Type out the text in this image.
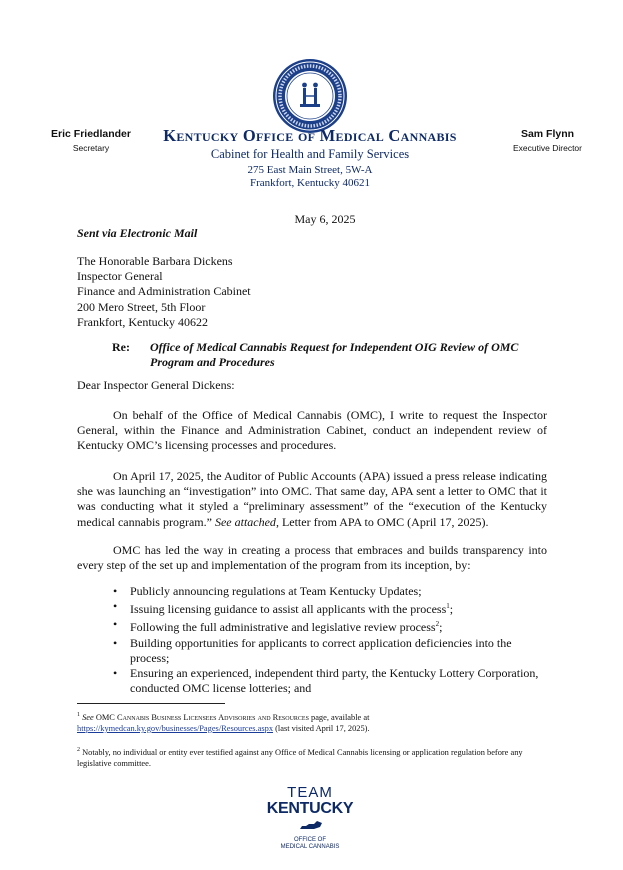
Eric Friedlander
Secretary
Sam Flynn
Executive Director
Kentucky Office of Medical Cannabis
Cabinet for Health and Family Services
275 East Main Street, 5W-A
Frankfort, Kentucky 40621
May 6, 2025
Sent via Electronic Mail
The Honorable Barbara Dickens
Inspector General
Finance and Administration Cabinet
200 Mero Street, 5th Floor
Frankfort, Kentucky 40622
Re: Office of Medical Cannabis Request for Independent OIG Review of OMC Program and Procedures
Dear Inspector General Dickens:
On behalf of the Office of Medical Cannabis (OMC), I write to request the Inspector General, within the Finance and Administration Cabinet, conduct an independent review of Kentucky OMC’s licensing processes and procedures.
On April 17, 2025, the Auditor of Public Accounts (APA) issued a press release indicating she was launching an “investigation” into OMC. That same day, APA sent a letter to OMC that it was conducting what it styled a “preliminary assessment” of the “execution of the Kentucky medical cannabis program.” See attached, Letter from APA to OMC (April 17, 2025).
OMC has led the way in creating a process that embraces and builds transparency into every step of the set up and implementation of the program from its inception, by:
• Publicly announcing regulations at Team Kentucky Updates;
• Issuing licensing guidance to assist all applicants with the process$^1$;
• Following the full administrative and legislative review process$^2$;
• Building opportunities for applicants to correct application deficiencies into the process;
• Ensuring an experienced, independent third party, the Kentucky Lottery Corporation, conducted OMC license lotteries; and
$^1$ See OMC Cannabis Business Licensees Advisories and Resources page, available at
https://kymedcan.ky.gov/businesses/Pages/Resources.aspx (last visited April 17, 2025).
$^2$ Notably, no individual or entity ever testified against any Office of Medical Cannabis licensing or application regulation before any legislative committee.
TEAM
KENTUCKY
OFFICE OF
MEDICAL CANNABIS
